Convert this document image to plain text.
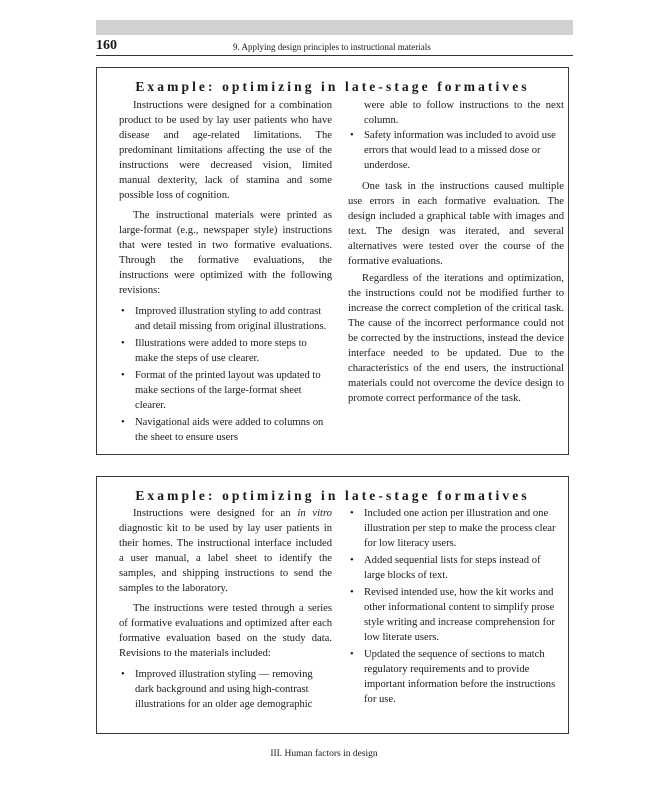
160	9. Applying design principles to instructional materials
Example: optimizing in late-stage formatives

Instructions were designed for a combination product to be used by lay user patients who have disease and age-related limitations. The predominant limitations affecting the use of the instructions were decreased vision, limited manual dexterity, lack of stamina and some possible loss of cognition.

The instructional materials were printed as large-format (e.g., newspaper style) instructions that were tested in two formative evaluations. Through the formative evaluations, the instructions were optimized with the following revisions:

• Improved illustration styling to add contrast and detail missing from original illustrations.
• Illustrations were added to more steps to make the steps of use clearer.
• Format of the printed layout was updated to make sections of the large-format sheet clearer.
• Navigational aids were added to columns on the sheet to ensure users

were able to follow instructions to the next column.

• Safety information was included to avoid use errors that would lead to a missed dose or underdose.

One task in the instructions caused multiple use errors in each formative evaluation. The design included a graphical table with images and text. The design was iterated, and several alternatives were tested over the course of the formative evaluations.

Regardless of the iterations and optimization, the instructions could not be modified further to increase the correct completion of the critical task. The cause of the incorrect performance could not be corrected by the instructions, instead the device interface needed to be updated. Due to the characteristics of the end users, the instructional materials could not overcome the device design to promote correct performance of the task.

Example: optimizing in late-stage formatives

Instructions were designed for an in vitro diagnostic kit to be used by lay user patients in their homes. The instructional interface included a user manual, a label sheet to identify the samples, and shipping instructions to send the samples to the laboratory.

The instructions were tested through a series of formative evaluations and optimized after each formative evaluation based on the study data. Revisions to the materials included:

• Improved illustration styling — removing dark background and using high-contrast illustrations for an older age demographic
• Included one action per illustration and one illustration per step to make the process clear for low literacy users.
• Added sequential lists for steps instead of large blocks of text.
• Revised intended use, how the kit works and other informational content to simplify prose style writing and increase comprehension for low literate users.
• Updated the sequence of sections to match regulatory requirements and to provide important information before the instructions for use.
III. Human factors in design
